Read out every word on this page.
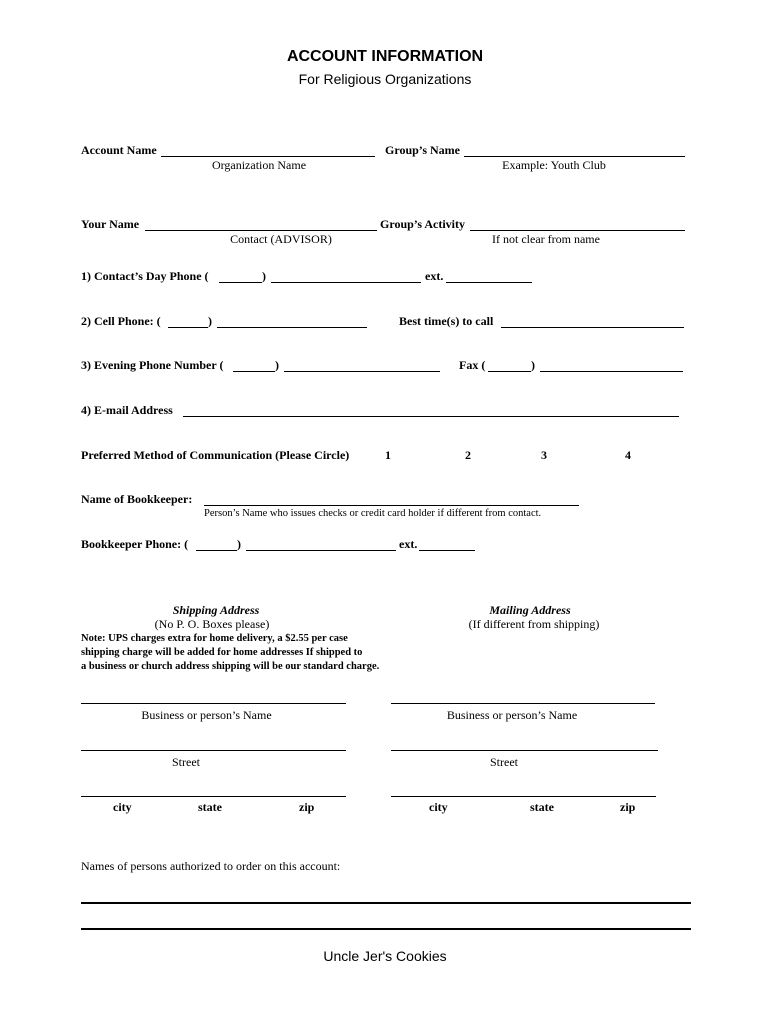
ACCOUNT INFORMATION
For Religious Organizations
Account Name
Organization Name
Group’s Name
Example: Youth Club
Your Name
Contact (ADVISOR)
Group’s Activity
If not clear from name
1) Contact’s Day Phone (	)	ext.
2) Cell Phone: (	)	Best time(s) to call
3) Evening Phone Number (	)	Fax (	)
4) E-mail Address
Preferred Method of Communication (Please Circle)	1	2	3	4
Name of Bookkeeper:
Person’s Name who issues checks or credit card holder if different from contact.
Bookkeeper Phone: (	)	ext.
Shipping Address
(No P. O. Boxes please)
Note: UPS charges extra for home delivery, a $2.55 per case
shipping charge will be added for home addresses If shipped to
a business or church address shipping will be our standard charge.
Business or person’s Name
Street
city	state	zip
Mailing Address
(If different from shipping)
Business or person’s Name
Street
city	state	zip
Names of persons authorized to order on this account:
Uncle Jer's Cookies
